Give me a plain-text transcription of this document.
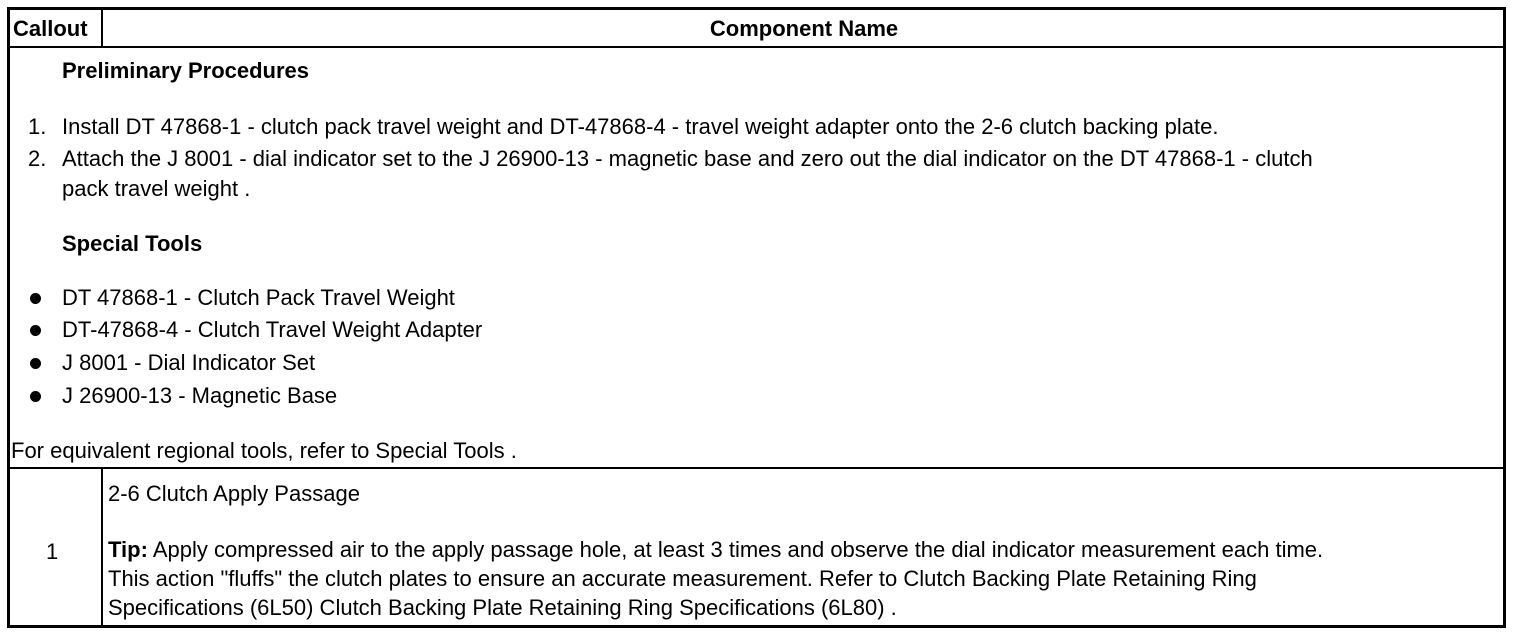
Callout	Component Name
Preliminary Procedures
1. Install DT 47868-1 - clutch pack travel weight and DT-47868-4 - travel weight adapter onto the 2-6 clutch backing plate.
2. Attach the J 8001 - dial indicator set to the J 26900-13 - magnetic base and zero out the dial indicator on the DT 47868-1 - clutch
pack travel weight .
Special Tools
DT 47868-1 - Clutch Pack Travel Weight
DT-47868-4 - Clutch Travel Weight Adapter
J 8001 - Dial Indicator Set
J 26900-13 - Magnetic Base
For equivalent regional tools, refer to Special Tools .
1
2-6 Clutch Apply Passage
Tip: Apply compressed air to the apply passage hole, at least 3 times and observe the dial indicator measurement each time.
This action "fluffs" the clutch plates to ensure an accurate measurement. Refer to Clutch Backing Plate Retaining Ring
Specifications (6L50) Clutch Backing Plate Retaining Ring Specifications (6L80) .
